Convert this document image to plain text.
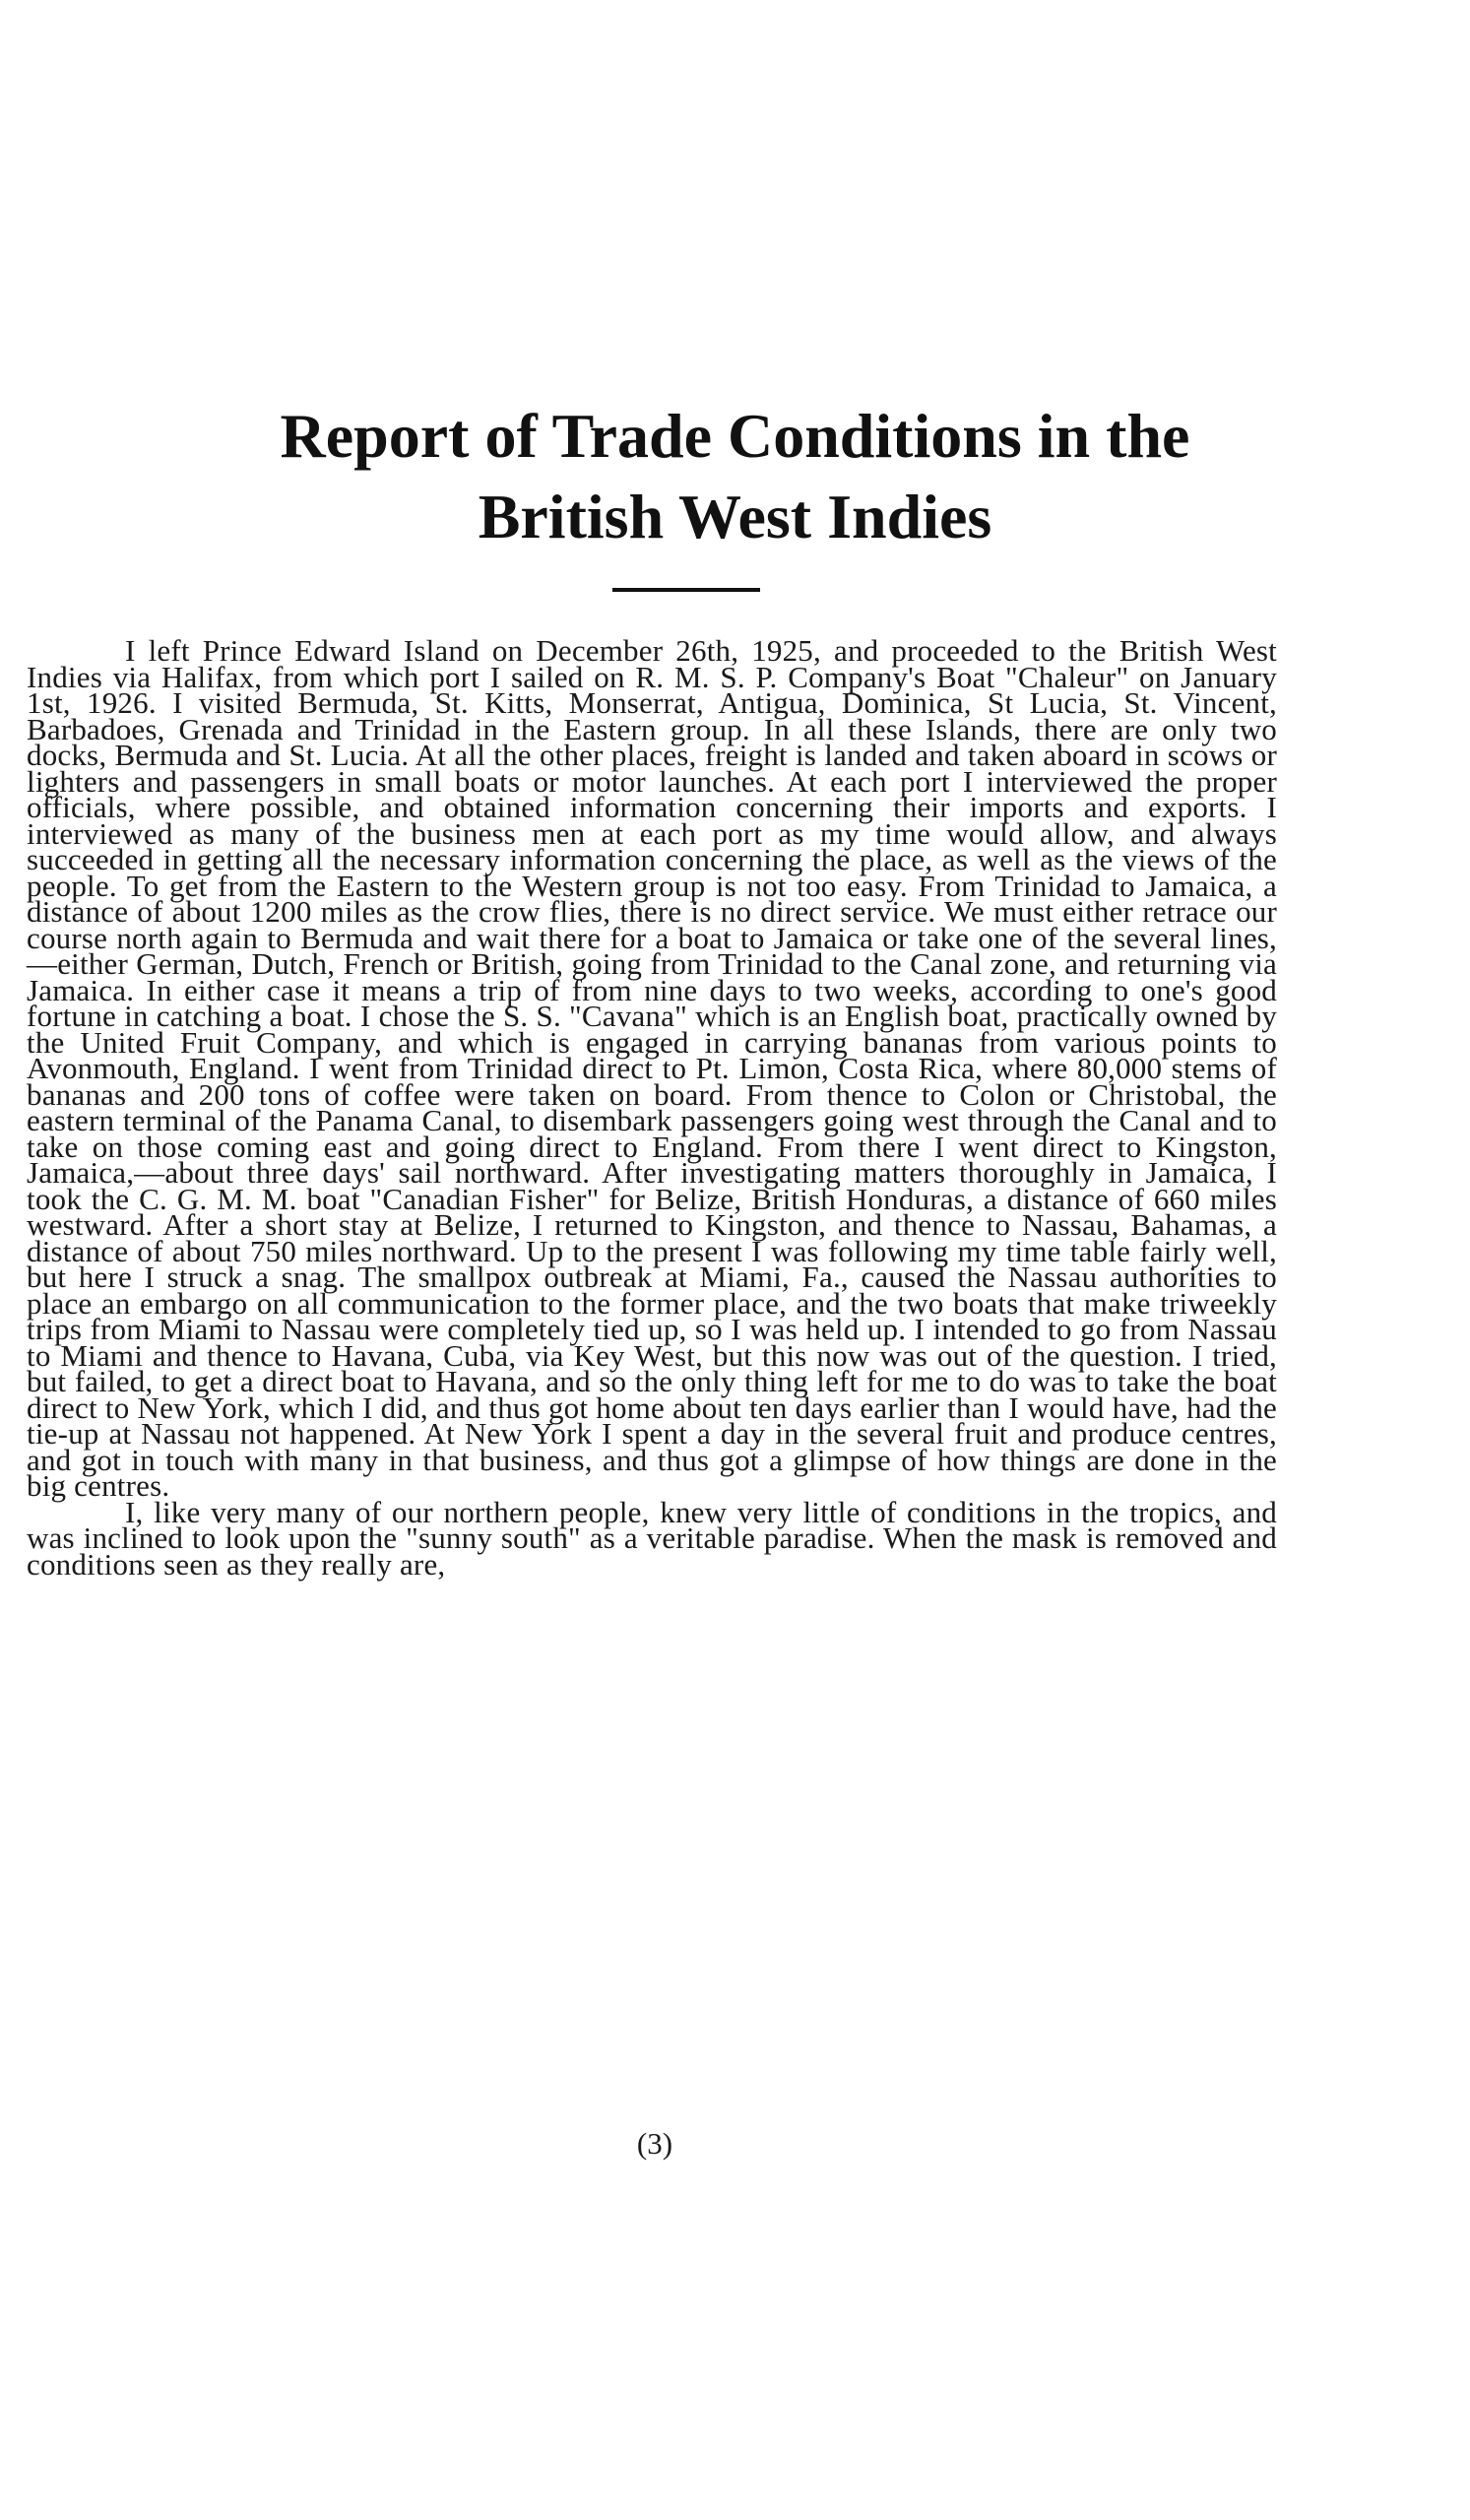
Report of Trade Conditions in the
British West Indies

I left Prince Edward Island on December 26th, 1925, and proceeded to the British West Indies via Halifax, from which port I sailed on R. M. S. P. Company's Boat "Chaleur" on January 1st, 1926. I visited Bermuda, St. Kitts, Monserrat, Antigua, Dominica, St Lucia, St. Vincent, Barbadoes, Grenada and Trinidad in the Eastern group. In all these Islands, there are only two docks, Bermuda and St. Lucia. At all the other places, freight is landed and taken aboard in scows or lighters and passengers in small boats or motor launches. At each port I interviewed the proper officials, where possible, and obtained information concerning their imports and exports. I interviewed as many of the business men at each port as my time would allow, and always succeeded in getting all the necessary information concerning the place, as well as the views of the people. To get from the Eastern to the Western group is not too easy. From Trinidad to Jamaica, a distance of about 1200 miles as the crow flies, there is no direct service. We must either retrace our course north again to Bermuda and wait there for a boat to Jamaica or take one of the several lines,—either German, Dutch, French or British, going from Trinidad to the Canal zone, and returning via Jamaica. In either case it means a trip of from nine days to two weeks, according to one's good fortune in catching a boat. I chose the S. S. "Cavana" which is an English boat, practically owned by the United Fruit Company, and which is engaged in carrying bananas from various points to Avonmouth, England. I went from Trinidad direct to Pt. Limon, Costa Rica, where 80,000 stems of bananas and 200 tons of coffee were taken on board. From thence to Colon or Christobal, the eastern terminal of the Panama Canal, to disembark passengers going west through the Canal and to take on those coming east and going direct to England. From there I went direct to Kingston, Jamaica,—about three days' sail northward. After investigating matters thoroughly in Jamaica, I took the C. G. M. M. boat "Canadian Fisher" for Belize, British Honduras, a distance of 660 miles westward. After a short stay at Belize, I returned to Kingston, and thence to Nassau, Bahamas, a distance of about 750 miles northward. Up to the present I was following my time table fairly well, but here I struck a snag. The smallpox outbreak at Miami, Fa., caused the Nassau authorities to place an embargo on all communication to the former place, and the two boats that make triweekly trips from Miami to Nassau were completely tied up, so I was held up. I intended to go from Nassau to Miami and thence to Havana, Cuba, via Key West, but this now was out of the question. I tried, but failed, to get a direct boat to Havana, and so the only thing left for me to do was to take the boat direct to New York, which I did, and thus got home about ten days earlier than I would have, had the tie-up at Nassau not happened. At New York I spent a day in the several fruit and produce centres, and got in touch with many in that business, and thus got a glimpse of how things are done in the big centres.

I, like very many of our northern people, knew very little of conditions in the tropics, and was inclined to look upon the "sunny south" as a veritable paradise. When the mask is removed and conditions seen as they really are,

(3)
